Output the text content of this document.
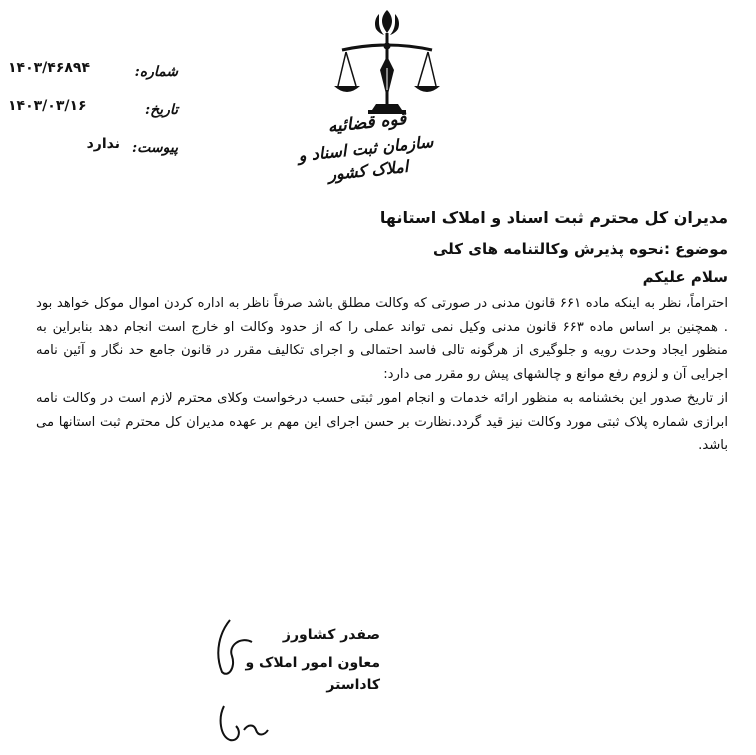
قوه قضائیه

سازمان ثبت اسناد و املاک کشور

شماره:
۱۴۰۳/۴۶۸۹۴
تاریخ:
۱۴۰۳/۰۳/۱۶
پیوست:
ندارد

مدیران کل محترم ثبت اسناد و املاک استانها

موضوع :نحوه پذیرش وکالتنامه های کلی

سلام علیکم

احتراماً، نظر به اینکه ماده ۶۶۱ قانون مدنی در صورتی که وکالت مطلق باشد صرفاً ناظر به اداره کردن اموال موکل خواهد بود . همچنین بر اساس ماده ۶۶۳ قانون مدنی وکیل نمی تواند عملی را که از حدود وکالت او خارج است انجام دهد بنابراین به منظور ایجاد وحدت رویه و جلوگیری از هرگونه تالی فاسد احتمالی و اجرای تکالیف مقرر در قانون جامع حد نگار و آئین نامه اجرایی آن و لزوم رفع موانع و چالشهای پیش رو مقرر می دارد:

از تاریخ صدور این بخشنامه به منظور ارائه خدمات و انجام امور ثبتی حسب درخواست وکلای محترم لازم است در وکالت نامه ابرازی شماره پلاک ثبتی مورد وکالت نیز قید گردد.نظارت بر حسن اجرای این مهم بر عهده مدیران کل محترم ثبت استانها می باشد.

صفدر کشاورز

معاون امور املاک و کاداستر
